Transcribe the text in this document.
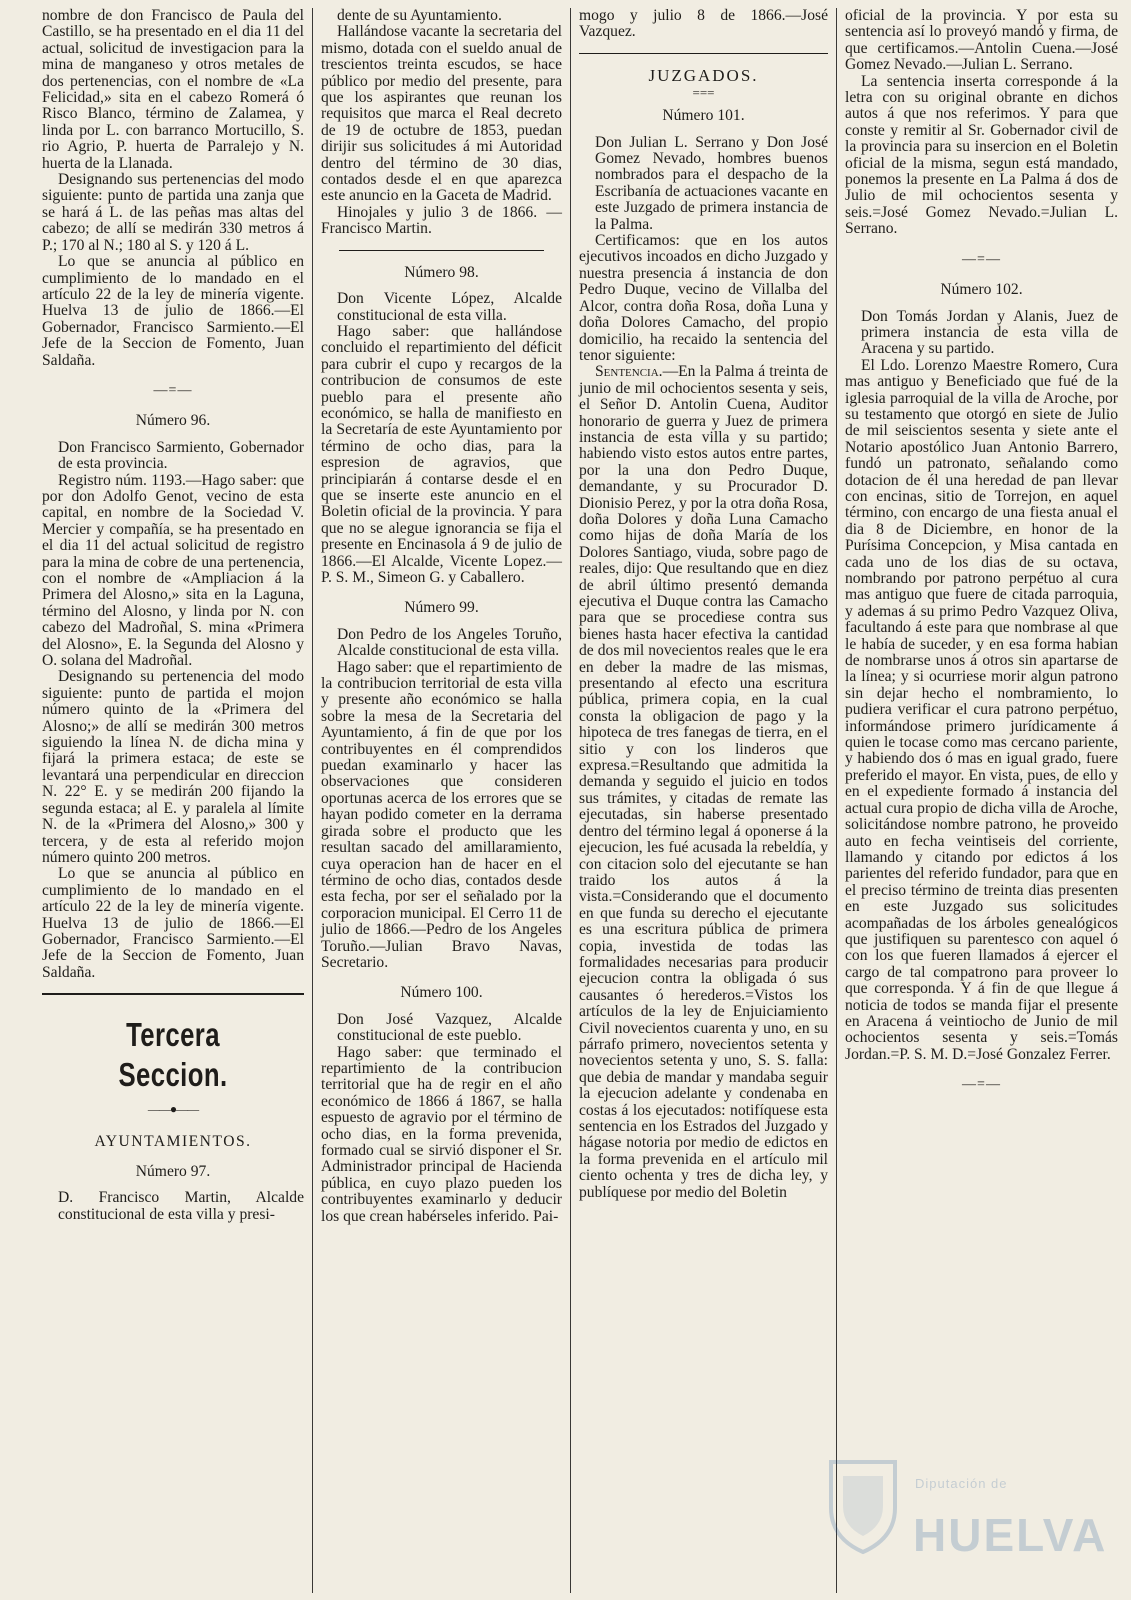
nombre de don Francisco de Paula del Castillo, se ha presentado en el dia 11 del actual, solicitud de investigacion para la mina de manganeso y otros metales de dos pertenencias, con el nombre de «La Felicidad,» sita en el cabezo Romerá ó Risco Blanco, término de Zalamea, y linda por L. con barranco Mortucillo, S. rio Agrio, P. huerta de Parralejo y N. huerta de la Llanada.

Designando sus pertenencias del modo siguiente: punto de partida una zanja que se hará á L. de las peñas mas altas del cabezo; de allí se medirán 330 metros á P.; 170 al N.; 180 al S. y 120 á L.

Lo que se anuncia al público en cumplimiento de lo mandado en el artículo 22 de la ley de minería vigente. Huelva 13 de julio de 1866.—El Gobernador, Francisco Sarmiento.—El Jefe de la Seccion de Fomento, Juan Saldaña.

—=—
Número 96.

Don Francisco Sarmiento, Gobernador de esta provincia.

Registro núm. 1193.—Hago saber: que por don Adolfo Genot, vecino de esta capital, en nombre de la Sociedad V. Mercier y compañía, se ha presentado en el dia 11 del actual solicitud de registro para la mina de cobre de una pertenencia, con el nombre de «Ampliacion á la Primera del Alosno,» sita en la Laguna, término del Alosno, y linda por N. con cabezo del Madroñal, S. mina «Primera del Alosno», E. la Segunda del Alosno y O. solana del Madroñal.

Designando su pertenencia del modo siguiente: punto de partida el mojon número quinto de la «Primera del Alosno;» de allí se medirán 300 metros siguiendo la línea N. de dicha mina y fijará la primera estaca; de este se levantará una perpendicular en direccion N. 22° E. y se medirán 200 fijando la segunda estaca; al E. y paralela al límite N. de la «Primera del Alosno,» 300 y tercera, y de esta al referido mojon número quinto 200 metros.

Lo que se anuncia al público en cumplimiento de lo mandado en el artículo 22 de la ley de minería vigente. Huelva 13 de julio de 1866.—El Gobernador, Francisco Sarmiento.—El Jefe de la Seccion de Fomento, Juan Saldaña.

Tercera Seccion.
——●——
AYUNTAMIENTOS.
Número 97.

D. Francisco Martin, Alcalde constitucional de esta villa y presi-

dente de su Ayuntamiento.

Hallándose vacante la secretaria del mismo, dotada con el sueldo anual de trescientos treinta escudos, se hace público por medio del presente, para que los aspirantes que reunan los requisitos que marca el Real decreto de 19 de octubre de 1853, puedan dirijir sus solicitudes á mi Autoridad dentro del término de 30 dias, contados desde el en que aparezca este anuncio en la Gaceta de Madrid.

Hinojales y julio 3 de 1866. —Francisco Martin.

Número 98.

Don Vicente López, Alcalde constitucional de esta villa.

Hago saber: que hallándose concluido el repartimiento del déficit para cubrir el cupo y recargos de la contribucion de consumos de este pueblo para el presente año económico, se halla de manifiesto en la Secretaría de este Ayuntamiento por término de ocho dias, para la espresion de agravios, que principiarán á contarse desde el en que se inserte este anuncio en el Boletin oficial de la provincia. Y para que no se alegue ignorancia se fija el presente en Encinasola á 9 de julio de 1866.—El Alcalde, Vicente Lopez.—P. S. M., Simeon G. y Caballero.

Número 99.

Don Pedro de los Angeles Toruño, Alcalde constitucional de esta villa.

Hago saber: que el repartimiento de la contribucion territorial de esta villa y presente año económico se halla sobre la mesa de la Secretaria del Ayuntamiento, á fin de que por los contribuyentes en él comprendidos puedan examinarlo y hacer las observaciones que consideren oportunas acerca de los errores que se hayan podido cometer en la derrama girada sobre el producto que les resultan sacado del amillaramiento, cuya operacion han de hacer en el término de ocho dias, contados desde esta fecha, por ser el señalado por la corporacion municipal. El Cerro 11 de julio de 1866.—Pedro de los Angeles Toruño.—Julian Bravo Navas, Secretario.

Número 100.

Don José Vazquez, Alcalde constitucional de este pueblo.

Hago saber: que terminado el repartimiento de la contribucion territorial que ha de regir en el año económico de 1866 á 1867, se halla espuesto de agravio por el término de ocho dias, en la forma prevenida, formado cual se sirvió disponer el Sr. Administrador principal de Hacienda pública, en cuyo plazo pueden los contribuyentes examinarlo y deducir los que crean habérseles inferido. Pai-

mogo y julio 8 de 1866.—José Vazquez.

JUZGADOS.
===
Número 101.

Don Julian L. Serrano y Don José Gomez Nevado, hombres buenos nombrados para el despacho de la Escribanía de actuaciones vacante en este Juzgado de primera instancia de la Palma.

Certificamos: que en los autos ejecutivos incoados en dicho Juzgado y nuestra presencia á instancia de don Pedro Duque, vecino de Villalba del Alcor, contra doña Rosa, doña Luna y doña Dolores Camacho, del propio domicilio, ha recaido la sentencia del tenor siguiente:

Sentencia.—En la Palma á treinta de junio de mil ochocientos sesenta y seis, el Señor D. Antolin Cuena, Auditor honorario de guerra y Juez de primera instancia de esta villa y su partido; habiendo visto estos autos entre partes, por la una don Pedro Duque, demandante, y su Procurador D. Dionisio Perez, y por la otra doña Rosa, doña Dolores y doña Luna Camacho como hijas de doña María de los Dolores Santiago, viuda, sobre pago de reales, dijo: Que resultando que en diez de abril último presentó demanda ejecutiva el Duque contra las Camacho para que se procediese contra sus bienes hasta hacer efectiva la cantidad de dos mil novecientos reales que le era en deber la madre de las mismas, presentando al efecto una escritura pública, primera copia, en la cual consta la obligacion de pago y la hipoteca de tres fanegas de tierra, en el sitio y con los linderos que expresa.=Resultando que admitida la demanda y seguido el juicio en todos sus trámites, y citadas de remate las ejecutadas, sin haberse presentado dentro del término legal á oponerse á la ejecucion, les fué acusada la rebeldía, y con citacion solo del ejecutante se han traido los autos á la vista.=Considerando que el documento en que funda su derecho el ejecutante es una escritura pública de primera copia, investida de todas las formalidades necesarias para producir ejecucion contra la obligada ó sus causantes ó herederos.=Vistos los artículos de la ley de Enjuiciamiento Civil novecientos cuarenta y uno, en su párrafo primero, novecientos setenta y novecientos setenta y uno, S. S. falla: que debia de mandar y mandaba seguir la ejecucion adelante y condenaba en costas á los ejecutados: notifíquese esta sentencia en los Estrados del Juzgado y hágase notoria por medio de edictos en la forma prevenida en el artículo mil ciento ochenta y tres de dicha ley, y publíquese por medio del Boletin

oficial de la provincia. Y por esta su sentencia así lo proveyó mandó y firma, de que certificamos.—Antolin Cuena.—José Gomez Nevado.—Julian L. Serrano.

La sentencia inserta corresponde á la letra con su original obrante en dichos autos á que nos referimos. Y para que conste y remitir al Sr. Gobernador civil de la provincia para su insercion en el Boletin oficial de la misma, segun está mandado, ponemos la presente en La Palma á dos de Julio de mil ochocientos sesenta y seis.=José Gomez Nevado.=Julian L. Serrano.

—=—
Número 102.

Don Tomás Jordan y Alanis, Juez de primera instancia de esta villa de Aracena y su partido.

El Ldo. Lorenzo Maestre Romero, Cura mas antiguo y Beneficiado que fué de la iglesia parroquial de la villa de Aroche, por su testamento que otorgó en siete de Julio de mil seiscientos sesenta y siete ante el Notario apostólico Juan Antonio Barrero, fundó un patronato, señalando como dotacion de él una heredad de pan llevar con encinas, sitio de Torrejon, en aquel término, con encargo de una fiesta anual el dia 8 de Diciembre, en honor de la Purísima Concepcion, y Misa cantada en cada uno de los dias de su octava, nombrando por patrono perpétuo al cura mas antiguo que fuere de citada parroquia, y ademas á su primo Pedro Vazquez Oliva, facultando á este para que nombrase al que le había de suceder, y en esa forma habian de nombrarse unos á otros sin apartarse de la línea; y si ocurriese morir algun patrono sin dejar hecho el nombramiento, lo pudiera verificar el cura patrono perpétuo, informándose primero jurídicamente á quien le tocase como mas cercano pariente, y habiendo dos ó mas en igual grado, fuere preferido el mayor. En vista, pues, de ello y en el expediente formado á instancia del actual cura propio de dicha villa de Aroche, solicitándose nombre patrono, he proveido auto en fecha veintiseis del corriente, llamando y citando por edictos á los parientes del referido fundador, para que en el preciso término de treinta dias presenten en este Juzgado sus solicitudes acompañadas de los árboles genealógicos que justifiquen su parentesco con aquel ó con los que fueren llamados á ejercer el cargo de tal compatrono para proveer lo que corresponda. Y á fin de que llegue á noticia de todos se manda fijar el presente en Aracena á veintiocho de Junio de mil ochocientos sesenta y seis.=Tomás Jordan.=P. S. M. D.=José Gonzalez Ferrer.

—=—
Diputación de
HUELVA
